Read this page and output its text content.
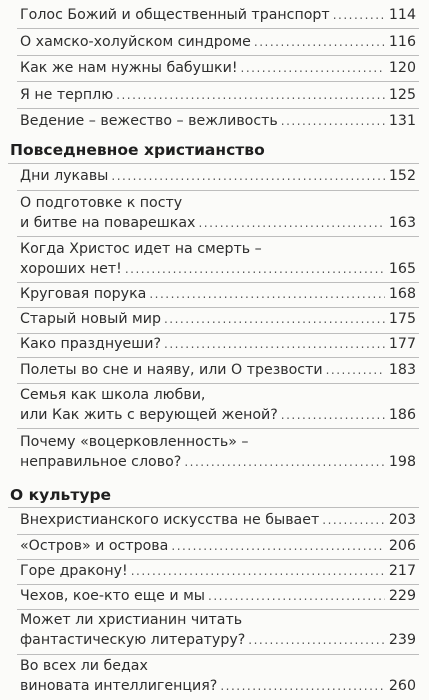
Голос Божий и общественный транспорт .....	114
О хамско-холуйском синдроме .....	116
Как же нам нужны бабушки! .....	120
Я не терплю .....	125
Ведение – вежество – вежливость .....	131
Повседневное христианство
Дни лукавы .....	152
О подготовке к посту
и битве на поварешках .....	163
Когда Христос идет на смерть –
хороших нет! .....	165
Круговая порука .....	168
Старый новый мир .....	175
Како празднуеши? .....	177
Полеты во сне и наяву, или О трезвости .....	183
Семья как школа любви,
или Как жить с верующей женой? .....	186
Почему «воцерковленность» –
неправильное слово? .....	198
О культуре
Внехристианского искусства не бывает .....	203
«Остров» и острова .....	206
Горе дракону! .....	217
Чехов, кое-кто еще и мы .....	229
Может ли христианин читать
фантастическую литературу? .....	239
Во всех ли бедах
виновата интеллигенция? .....	260
